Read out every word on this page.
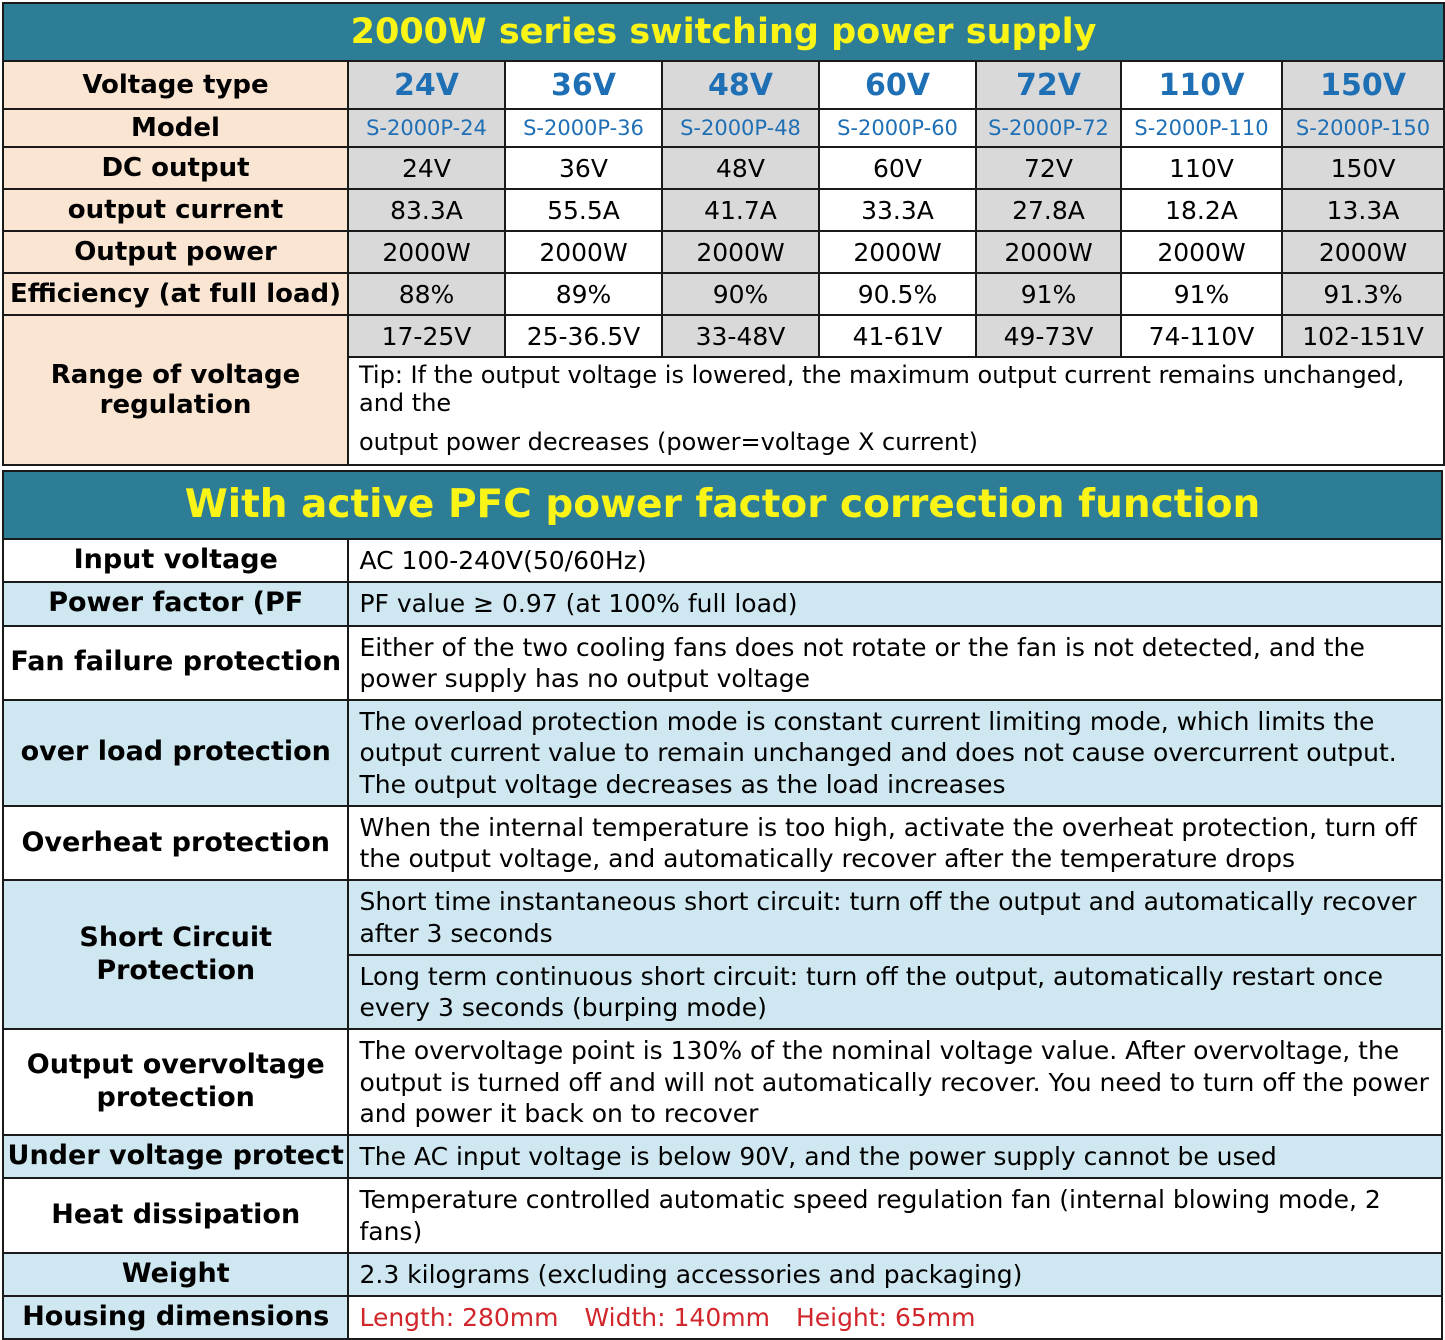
2000W series switching power supply							
Voltage type	24V	36V	48V	60V	72V	110V	150V
Model	S-2000P-24	S-2000P-36	S-2000P-48	S-2000P-60	S-2000P-72	S-2000P-110	S-2000P-150
DC output	24V	36V	48V	60V	72V	110V	150V
output current	83.3A	55.5A	41.7A	33.3A	27.8A	18.2A	13.3A
Output power	2000W	2000W	2000W	2000W	2000W	2000W	2000W
Efficiency (at full load)	88%	89%	90%	90.5%	91%	91%	91.3%
Range of voltage regulation	17-25V	25-36.5V	33-48V	41-61V	49-73V	74-110V	102-151V
	Tip: If the output voltage is lowered, the maximum output current remains unchanged, and the						
	output power decreases (power=voltage X current)						
With active PFC power factor correction function	
Input voltage	AC 100-240V(50/60Hz)
Power factor (PF	PF value ≥ 0.97 (at 100% full load)
Fan failure protection	Either of the two cooling fans does not rotate or the fan is not detected, and the power supply has no output voltage
over load protection	The overload protection mode is constant current limiting mode, which limits the output current value to remain unchanged and does not cause overcurrent output. The output voltage decreases as the load increases
Overheat protection	When the internal temperature is too high, activate the overheat protection, turn off the output voltage, and automatically recover after the temperature drops
Short Circuit Protection	Short time instantaneous short circuit: turn off the output and automatically recover after 3 seconds
	Long term continuous short circuit: turn off the output, automatically restart once every 3 seconds (burping mode)
Output overvoltage protection	The overvoltage point is 130% of the nominal voltage value. After overvoltage, the output is turned off and will not automatically recover. You need to turn off the power and power it back on to recover
Under voltage protect	The AC input voltage is below 90V, and the power supply cannot be used
Heat dissipation	Temperature controlled automatic speed regulation fan (internal blowing mode, 2 fans)
Weight	2.3 kilograms (excluding accessories and packaging)
Housing dimensions	Length: 280mm Width: 140mm Height: 65mm
